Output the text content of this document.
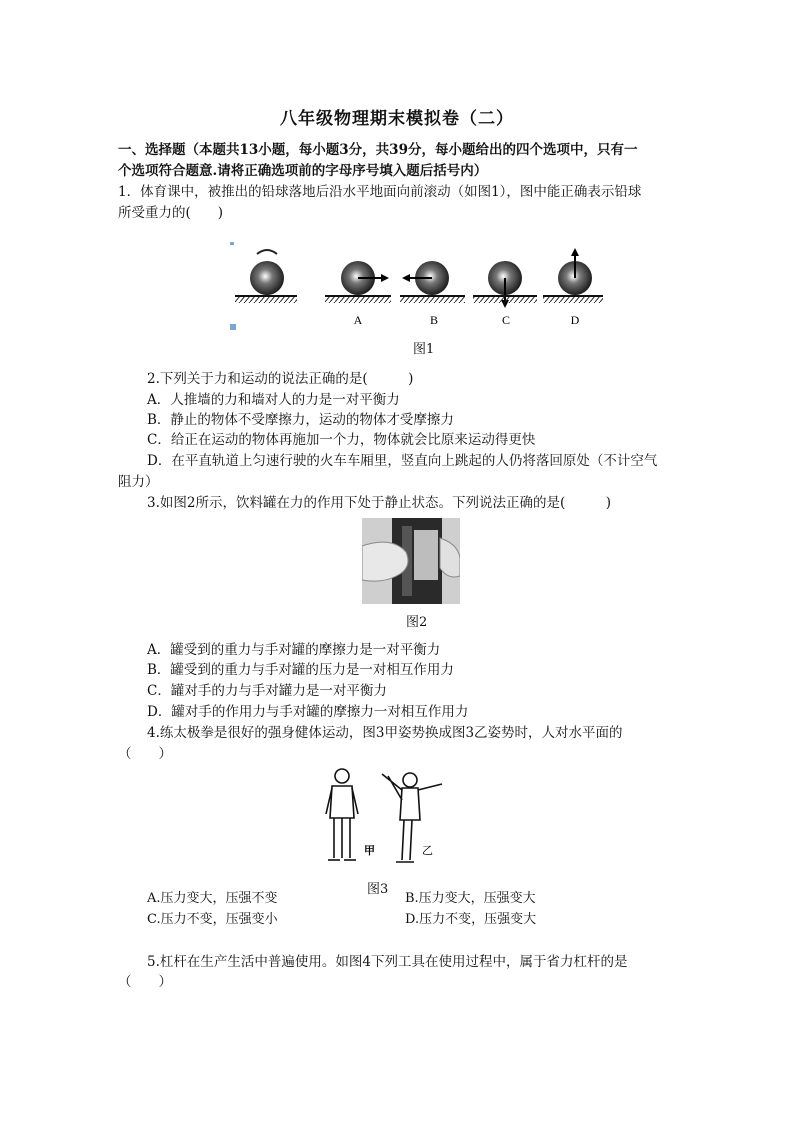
八年级物理期末模拟卷（二）
一、选择题（本题共13小题，每小题3分，共39分，每小题给出的四个选项中，只有一
个选项符合题意.请将正确选项前的字母序号填入题后括号内）
1．体育课中，被推出的铅球落地后沿水平地面向前滚动（如图1），图中能正确表示铅球
所受重力的(　　)
A	B	C	D
图1
2.下列关于力和运动的说法正确的是(　　　)
A．人推墙的力和墙对人的力是一对平衡力
B．静止的物体不受摩擦力，运动的物体才受摩擦力
C．给正在运动的物体再施加一个力，物体就会比原来运动得更快
D．在平直轨道上匀速行驶的火车车厢里，竖直向上跳起的人仍将落回原处（不计空气
阻力）
3.如图2所示，饮料罐在力的作用下处于静止状态。下列说法正确的是(　　　)
图2
A．罐受到的重力与手对罐的摩擦力是一对平衡力
B．罐受到的重力与手对罐的压力是一对相互作用力
C．罐对手的力与手对罐力是一对平衡力
D．罐对手的作用力与手对罐的摩擦力一对相互作用力
4.练太极拳是很好的强身健体运动，图3甲姿势换成图3乙姿势时，人对水平面的
（　　）
甲	乙
图3
A.压力变大，压强不变	B.压力变大，压强变大
C.压力不变，压强变小	D.压力不变，压强变大
5.杠杆在生产生活中普遍使用。如图4下列工具在使用过程中，属于省力杠杆的是
（　　）
